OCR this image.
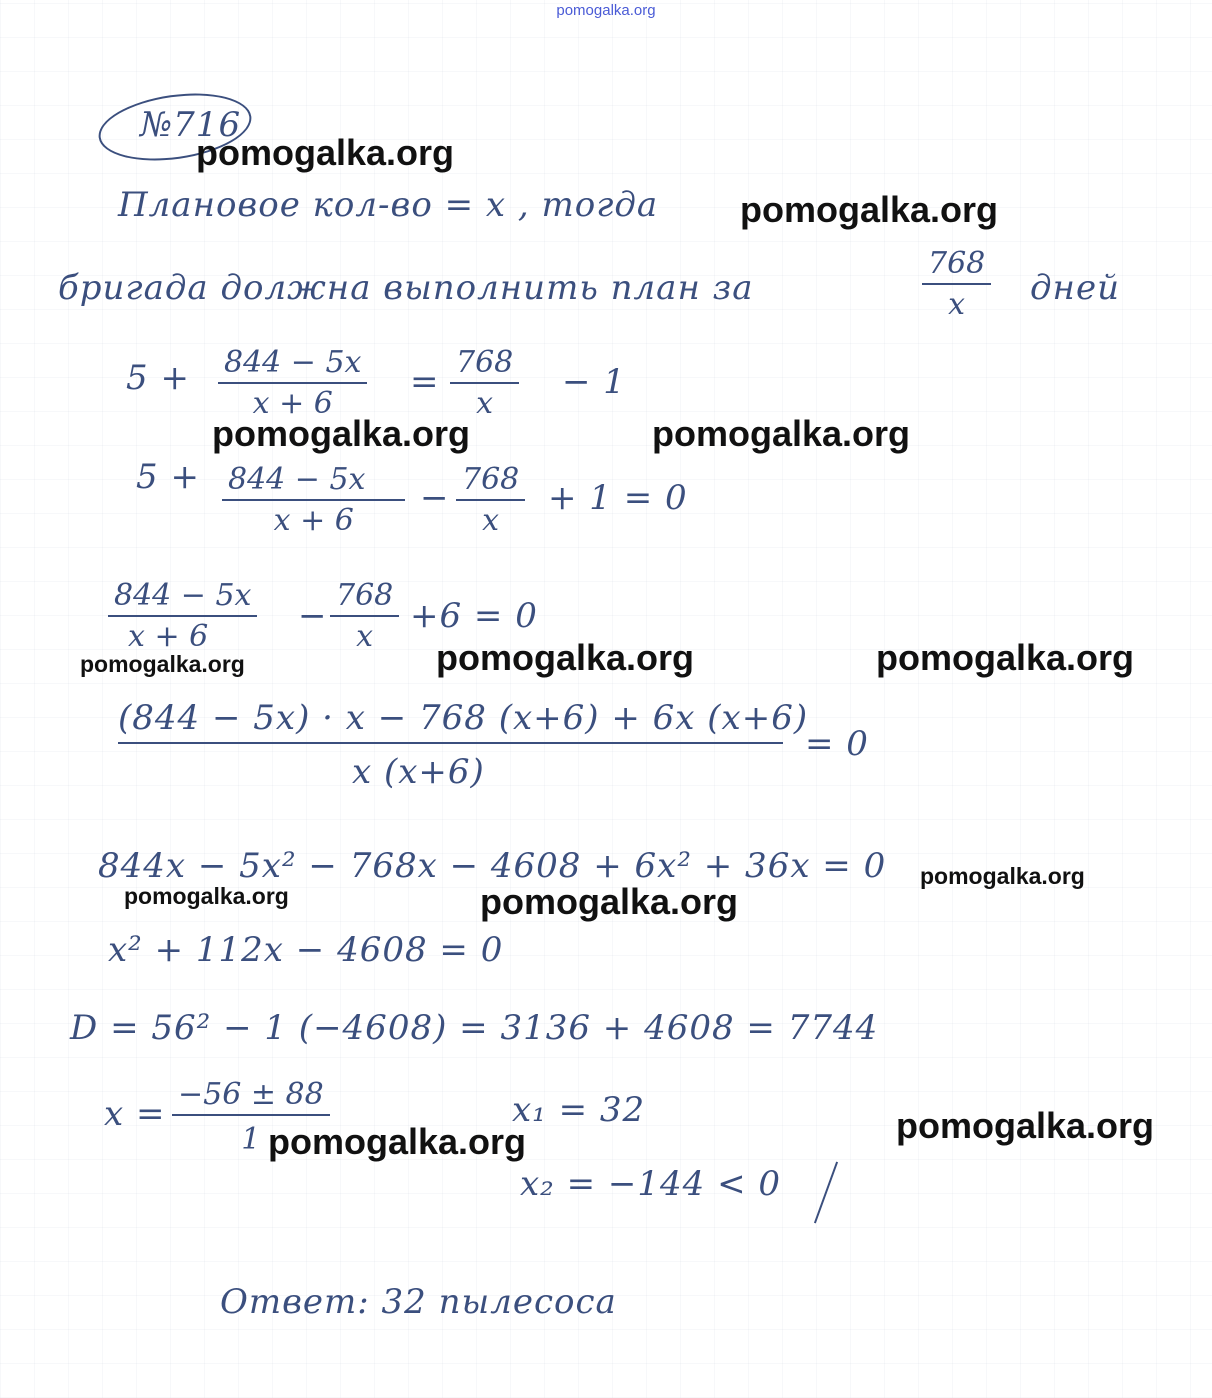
pomogalka.org

№716

Плановое кол-во = x , тогда

бригада должна выполнить план за	$\frac{768}{x}$ дней

$5 + \frac{844 - 5x}{x + 6} = \frac{768}{x} - 1$

$5 + \frac{844 - 5x}{x + 6} - \frac{768}{x} + 1 = 0$

$\frac{844 - 5x}{x + 6} - \frac{768}{x} +6 = 0$

(844 − 5x) · x − 768 (x+6) + 6x (x+6)

x (x+6)

= 0

844x − 5x² − 768x − 4608 + 6x² + 36x = 0

x² + 112x − 4608 = 0

D = 56² − 1 (−4608) = 3136 + 4608 = 7744

$x = \frac{-56 \pm 88}{1}$	x₁ = 32

x₂ = −144 < 0

Ответ: 32 пылесоса

pomogalka.org

pomogalka.org

pomogalka.org	pomogalka.org

pomogalka.org	pomogalka.org	pomogalka.org

pomogalka.org

pomogalka.org	pomogalka.org

pomogalka.org	pomogalka.org
